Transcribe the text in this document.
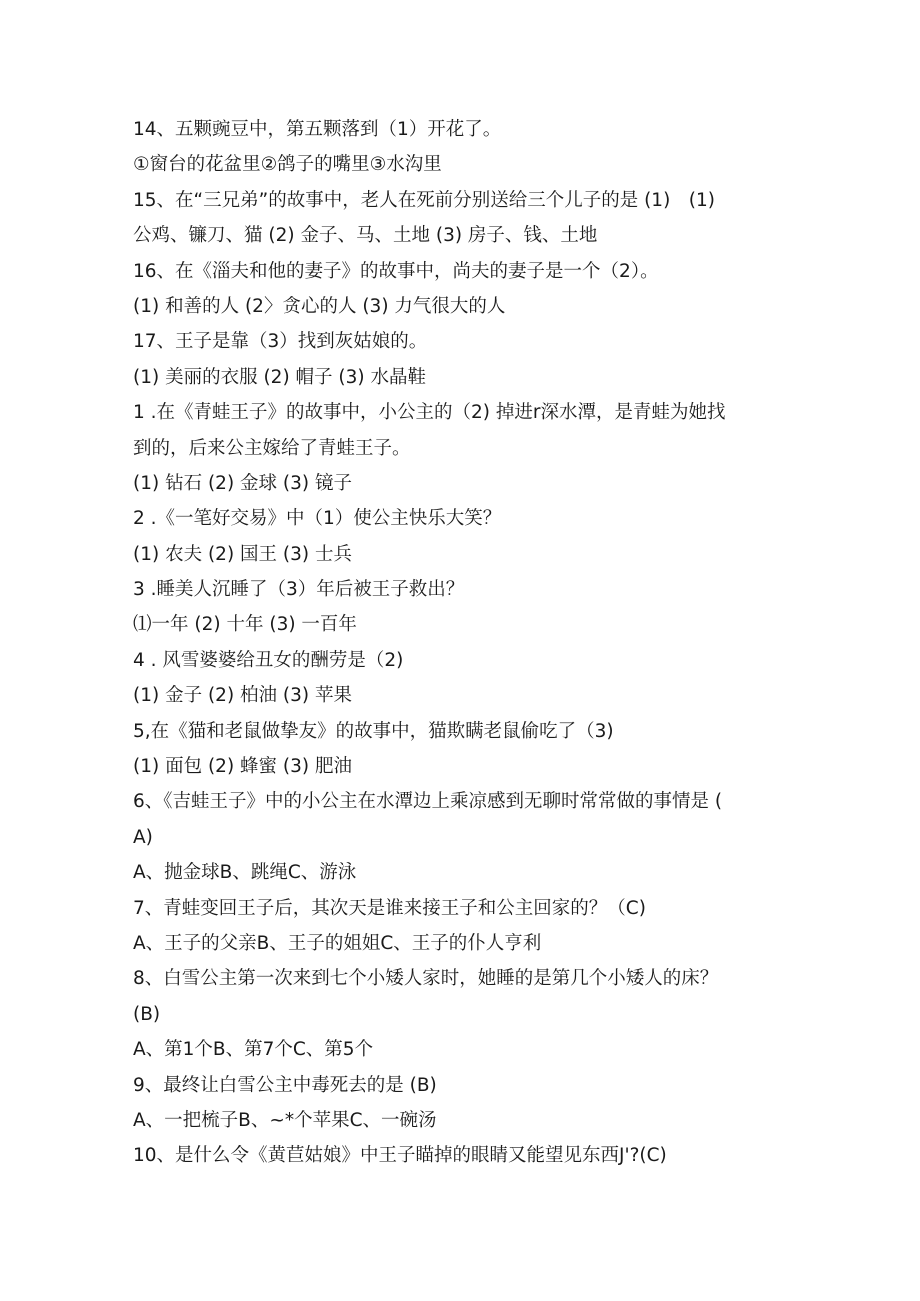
14、五颗豌豆中，第五颗落到（1）开花了。
①窗台的花盆里②鸽子的嘴里③水沟里
15、在“三兄弟”的故事中，老人在死前分别送给三个儿子的是 (1)　(1)
公鸡、镰刀、猫 (2) 金子、马、土地 (3) 房子、钱、土地
16、在《淄夫和他的妻子》的故事中，尚夫的妻子是一个（2）。
(1) 和善的人 (2〉贪心的人 (3) 力气很大的人
17、王子是靠（3）找到灰姑娘的。
(1) 美丽的衣服 (2) 帽子 (3) 水晶鞋
1 .在《青蛙王子》的故事中，小公主的（2) 掉进r深水潭，是青蛙为她找
到的，后来公主嫁给了青蛙王子。
(1) 钻石 (2) 金球 (3) 镜子
2 .《一笔好交易》中（1）使公主快乐大笑？
(1) 农夫 (2) 国王 (3) 士兵
3 .睡美人沉睡了（3）年后被王子救出？
⑴一年 (2) 十年 (3) 一百年
4 . 风雪婆婆给丑女的酬劳是（2)
(1) 金子 (2) 柏油 (3) 苹果
5,在《猫和老鼠做挚友》的故事中，猫欺瞒老鼠偷吃了（3)
(1) 面包 (2) 蜂蜜 (3) 肥油
6、《吉蛙王子》中的小公主在水潭边上乘凉感到无聊时常常做的事情是 (
A)
A、抛金球B、跳绳C、游泳
7、青蛙变回王子后，其次天是谁来接王子和公主回家的？（C)
A、王子的父亲B、王子的姐姐C、王子的仆人亨利
8、白雪公主第一次来到七个小矮人家时，她睡的是第几个小矮人的床？
(B)
A、第1个B、第7个C、第5个
9、最终让白雪公主中毒死去的是 (B)
A、一把梳子B、~*个苹果C、一碗汤
10、是什么令《黄苣姑娘》中王子瞄掉的眼睛又能望见东西J'?(C)
